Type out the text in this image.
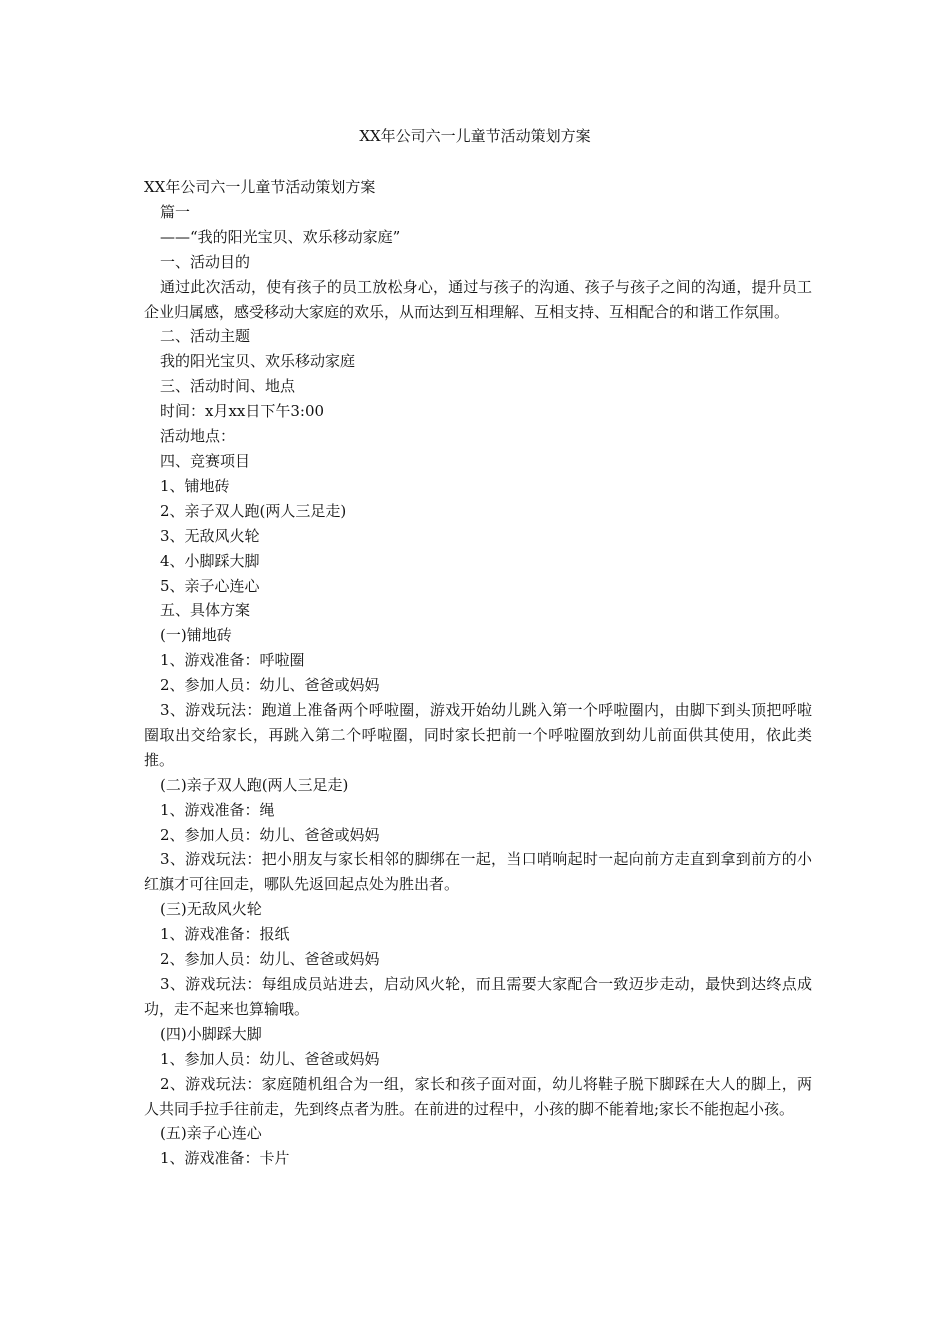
XX年公司六一儿童节活动策划方案
XX年公司六一儿童节活动策划方案
篇一
——“我的阳光宝贝、欢乐移动家庭”
一、活动目的
通过此次活动，使有孩子的员工放松身心，通过与孩子的沟通、孩子与孩子之间的沟通，提升员工企业归属感，感受移动大家庭的欢乐，从而达到互相理解、互相支持、互相配合的和谐工作氛围。
二、活动主题
我的阳光宝贝、欢乐移动家庭
三、活动时间、地点
时间：x月xx日下午3:00
活动地点：
四、竞赛项目
1、铺地砖
2、亲子双人跑(两人三足走)
3、无敌风火轮
4、小脚踩大脚
5、亲子心连心
五、具体方案
(一)铺地砖
1、游戏准备：呼啦圈
2、参加人员：幼儿、爸爸或妈妈
3、游戏玩法：跑道上准备两个呼啦圈，游戏开始幼儿跳入第一个呼啦圈内，由脚下到头顶把呼啦圈取出交给家长，再跳入第二个呼啦圈，同时家长把前一个呼啦圈放到幼儿前面供其使用，依此类推。
(二)亲子双人跑(两人三足走)
1、游戏准备：绳
2、参加人员：幼儿、爸爸或妈妈
3、游戏玩法：把小朋友与家长相邻的脚绑在一起，当口哨响起时一起向前方走直到拿到前方的小红旗才可往回走，哪队先返回起点处为胜出者。
(三)无敌风火轮
1、游戏准备：报纸
2、参加人员：幼儿、爸爸或妈妈
3、游戏玩法：每组成员站进去，启动风火轮，而且需要大家配合一致迈步走动，最快到达终点成功，走不起来也算输哦。
(四)小脚踩大脚
1、参加人员：幼儿、爸爸或妈妈
2、游戏玩法：家庭随机组合为一组，家长和孩子面对面，幼儿将鞋子脱下脚踩在大人的脚上，两人共同手拉手往前走，先到终点者为胜。在前进的过程中，小孩的脚不能着地;家长不能抱起小孩。
(五)亲子心连心
1、游戏准备：卡片
